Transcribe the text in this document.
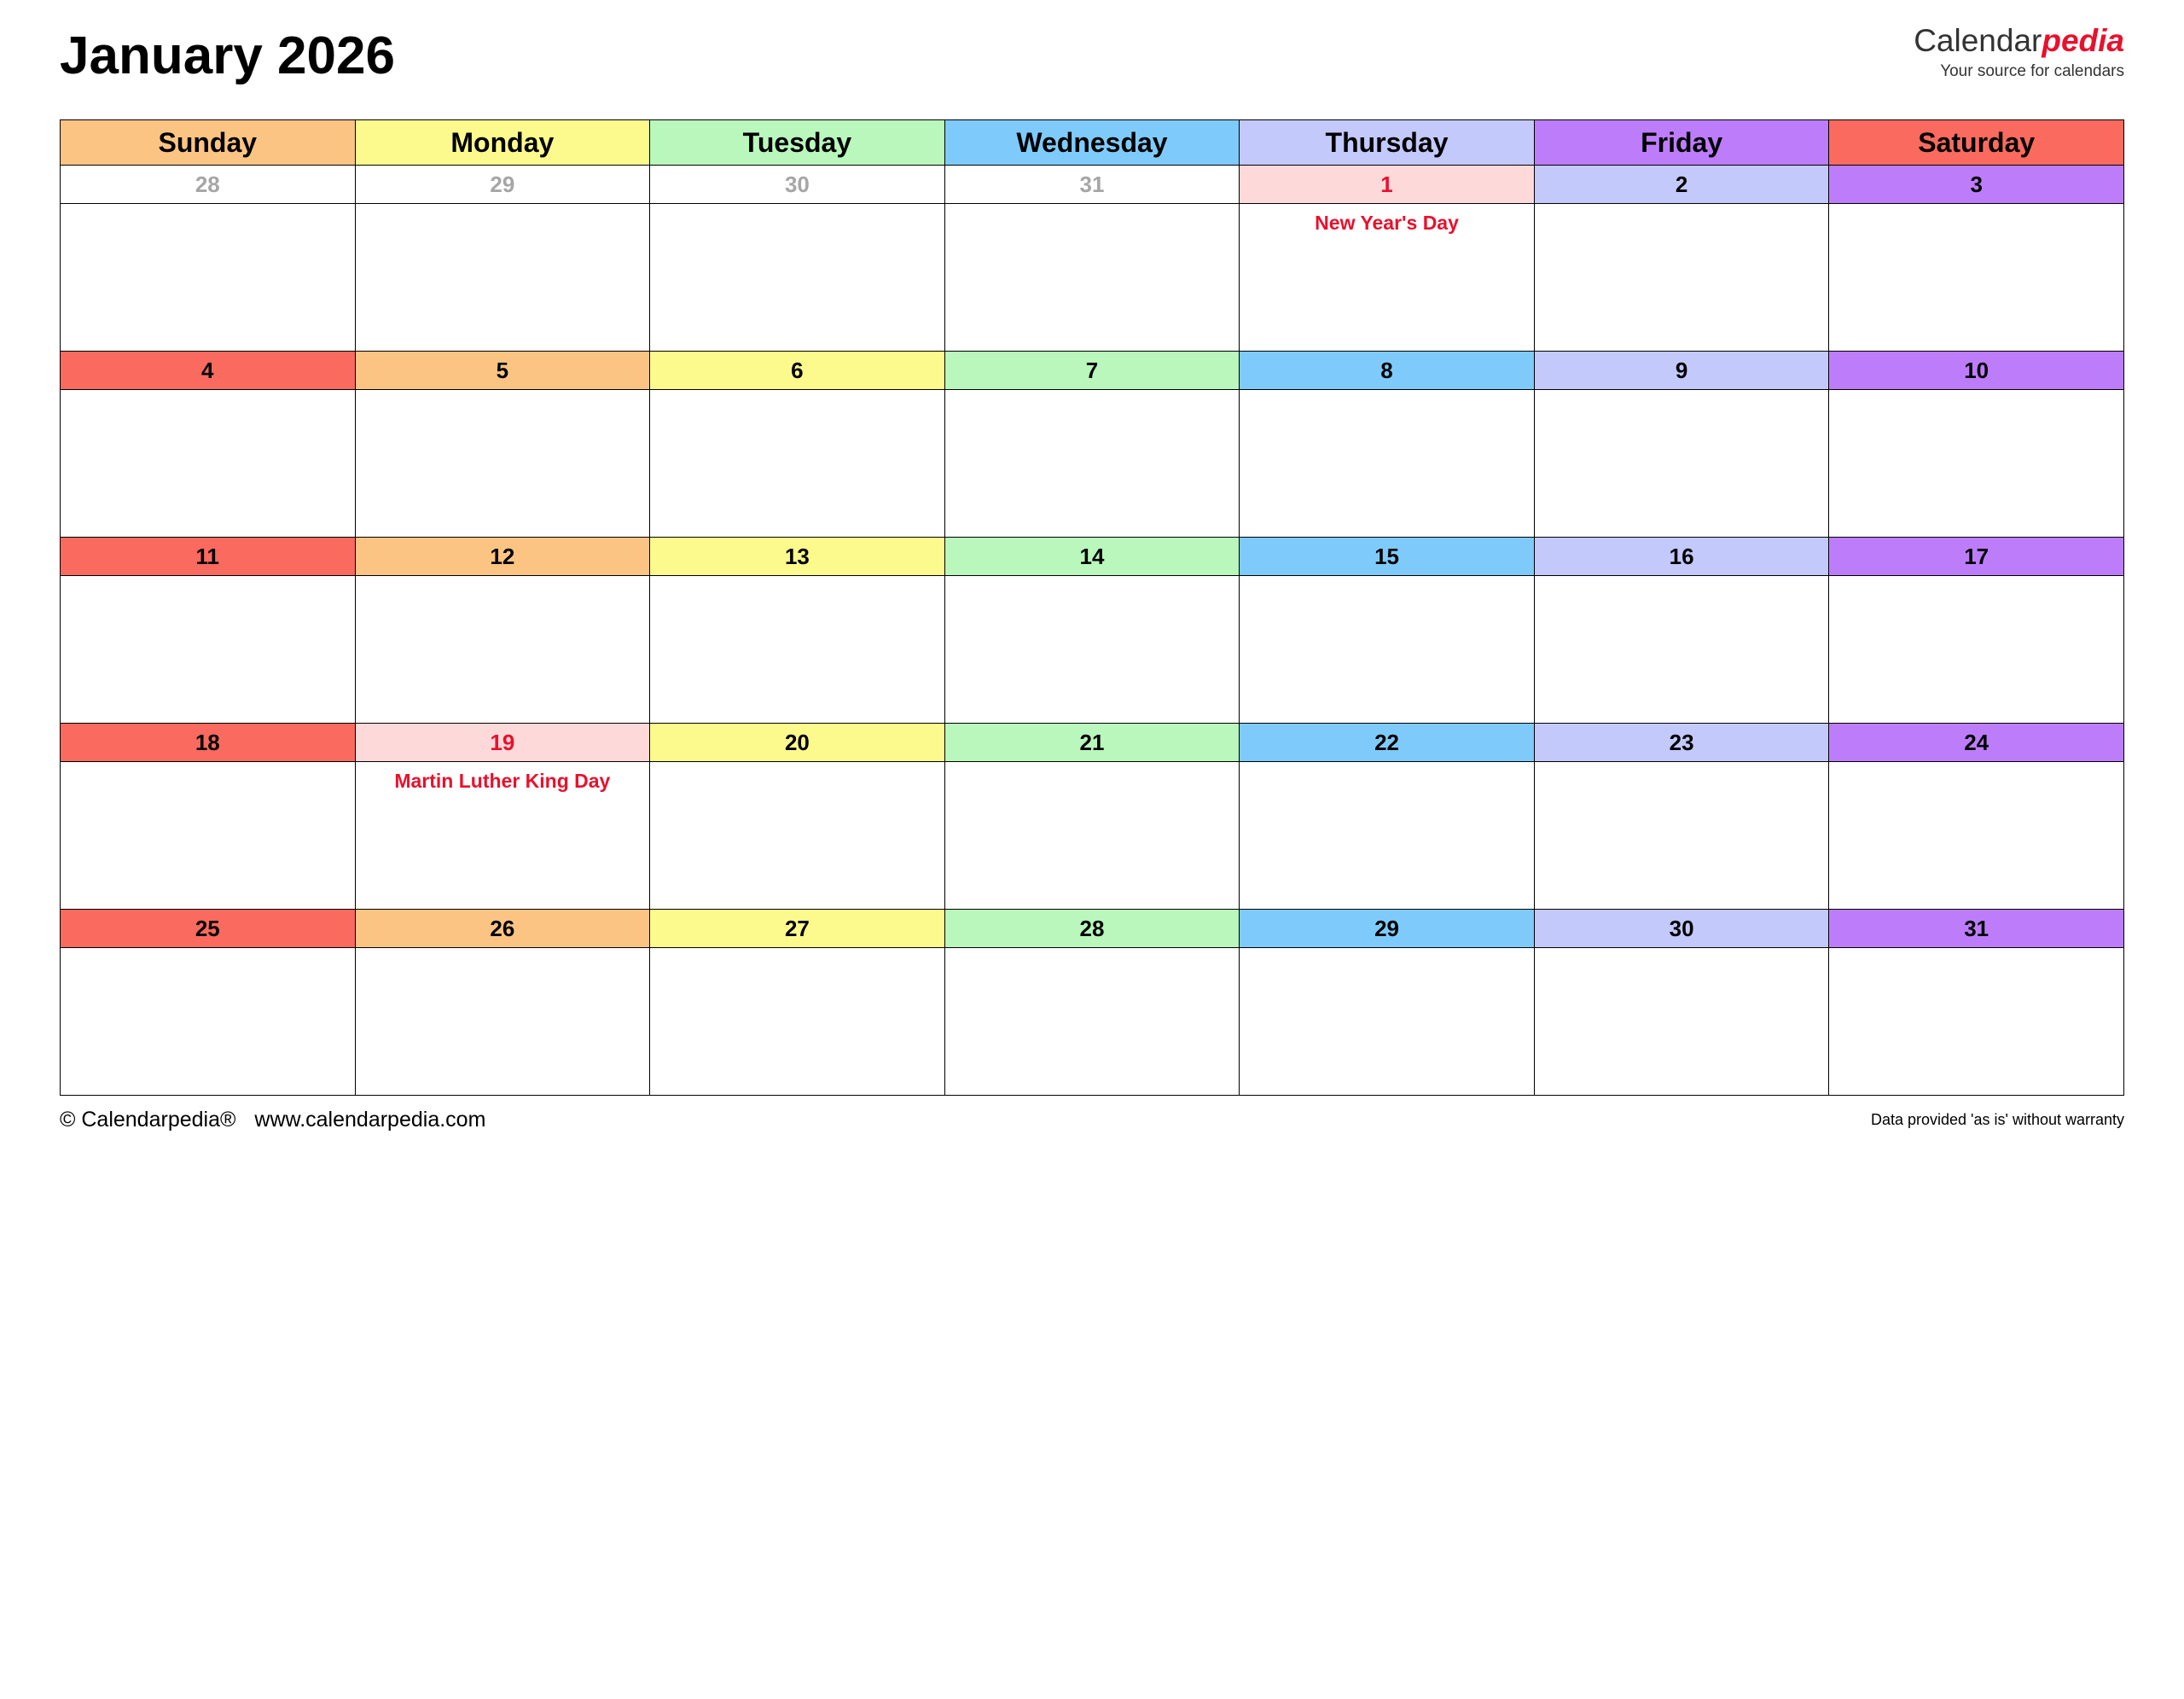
January 2026	Calendarpedia
Your source for calendars
Sunday	Monday	Tuesday	Wednesday	Thursday	Friday	Saturday
28	29	30	31	1	2	3

				New Year's Day		

4	5	6	7	8	9	10

11	12	13	14	15	16	17

18	19	20	21	22	23	24

	Martin Luther King Day					

25	26	27	28	29	30	31

© Calendarpedia® www.calendarpedia.com	Data provided 'as is' without warranty
